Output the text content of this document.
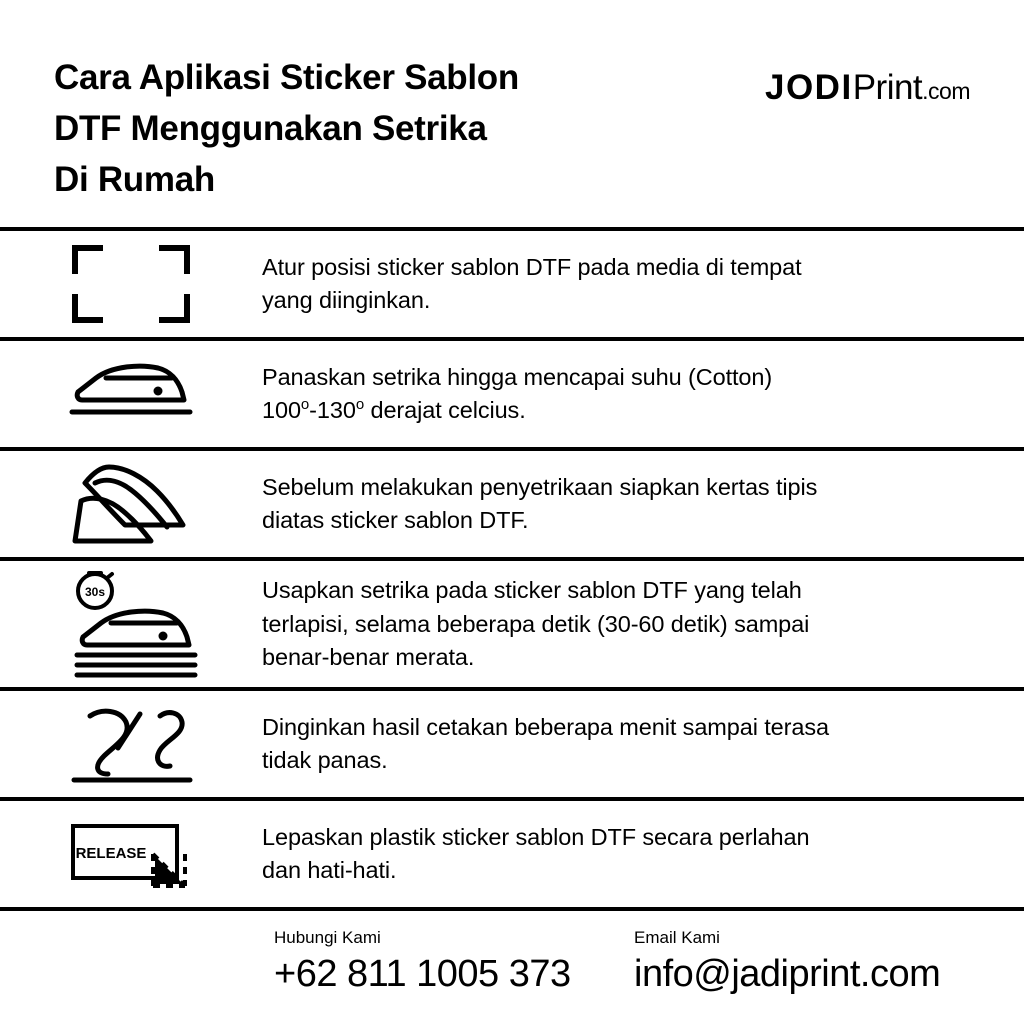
Cara Aplikasi Sticker Sablon
DTF Menggunakan Setrika
Di Rumah
JODIPrint.com
Atur posisi sticker sablon DTF pada media di tempat
yang diinginkan.
Panaskan setrika hingga mencapai suhu (Cotton)
100$^o$-130$^o$ derajat celcius.
Sebelum melakukan penyetrikaan siapkan kertas tipis
diatas sticker sablon DTF.
30s	Usapkan setrika pada sticker sablon DTF yang telah
terlapisi, selama beberapa detik (30-60 detik) sampai
benar-benar merata.
Dinginkan hasil cetakan beberapa menit sampai terasa
tidak panas.
RELEASE
Lepaskan plastik sticker sablon DTF secara perlahan
dan hati-hati.
Hubungi Kami
+62 811 1005 373
Email Kami
info@jadiprint.com
